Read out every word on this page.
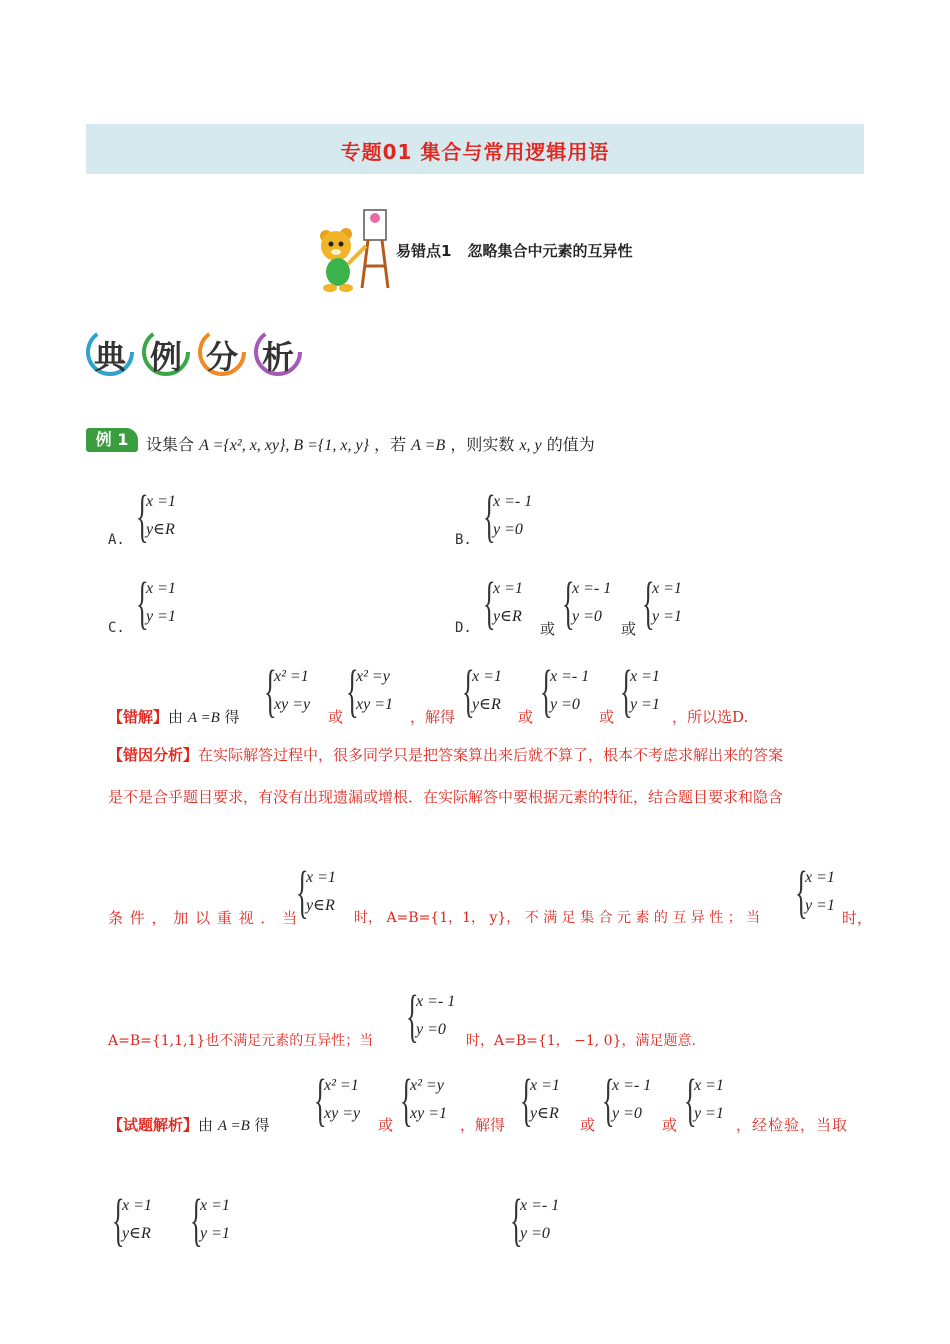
专题01 集合与常用逻辑用语
易错点1 忽略集合中元素的互异性
典 例 分 析
例 1	设集合 A ={x², x, xy}, B ={1, x, y} ，若 A =B ，则实数 x, y 的值为
A. {
x =1
y∈R
B. {
x =- 1
y =0
C. {
x =1
y =1
D. {
x =1
y∈R
或 {
x =- 1
y =0
或 {
x =1
y =1
【错解】由 A =B 得 {
x² =1
xy =y
或 {
x² =y
xy =1
，解得 {
x =1
y∈R
或 {
x =- 1
y =0
或 {
x =1
y =1
，所以选D.
【错因分析】在实际解答过程中，很多同学只是把答案算出来后就不算了，根本不考虑求解出来的答案
是不是合乎题目要求，有没有出现遗漏或增根．在实际解答中要根据元素的特征，结合题目要求和隐含
条 件 ， 加 以 重 视 ． 当
{
x =1
y∈R
时， A=B={1，1， y}， 不 满 足 集 合 元 素 的 互 异 性 ； 当 {
x =1
y =1
时，
A=B={1,1,1}也不满足元素的互异性；当 {
x =- 1
y =0
时，A=B={1， −1, 0}，满足题意.
【试题解析】由 A =B 得 {
x² =1
xy =y
或 {
x² =y
xy =1
，解得 {
x =1
y∈R
或 {
x =- 1
y =0
或 {
x =1
y =1
，经检验，当取
{
x =1
y∈R {
x =1
y =1	{
x =- 1
y =0
